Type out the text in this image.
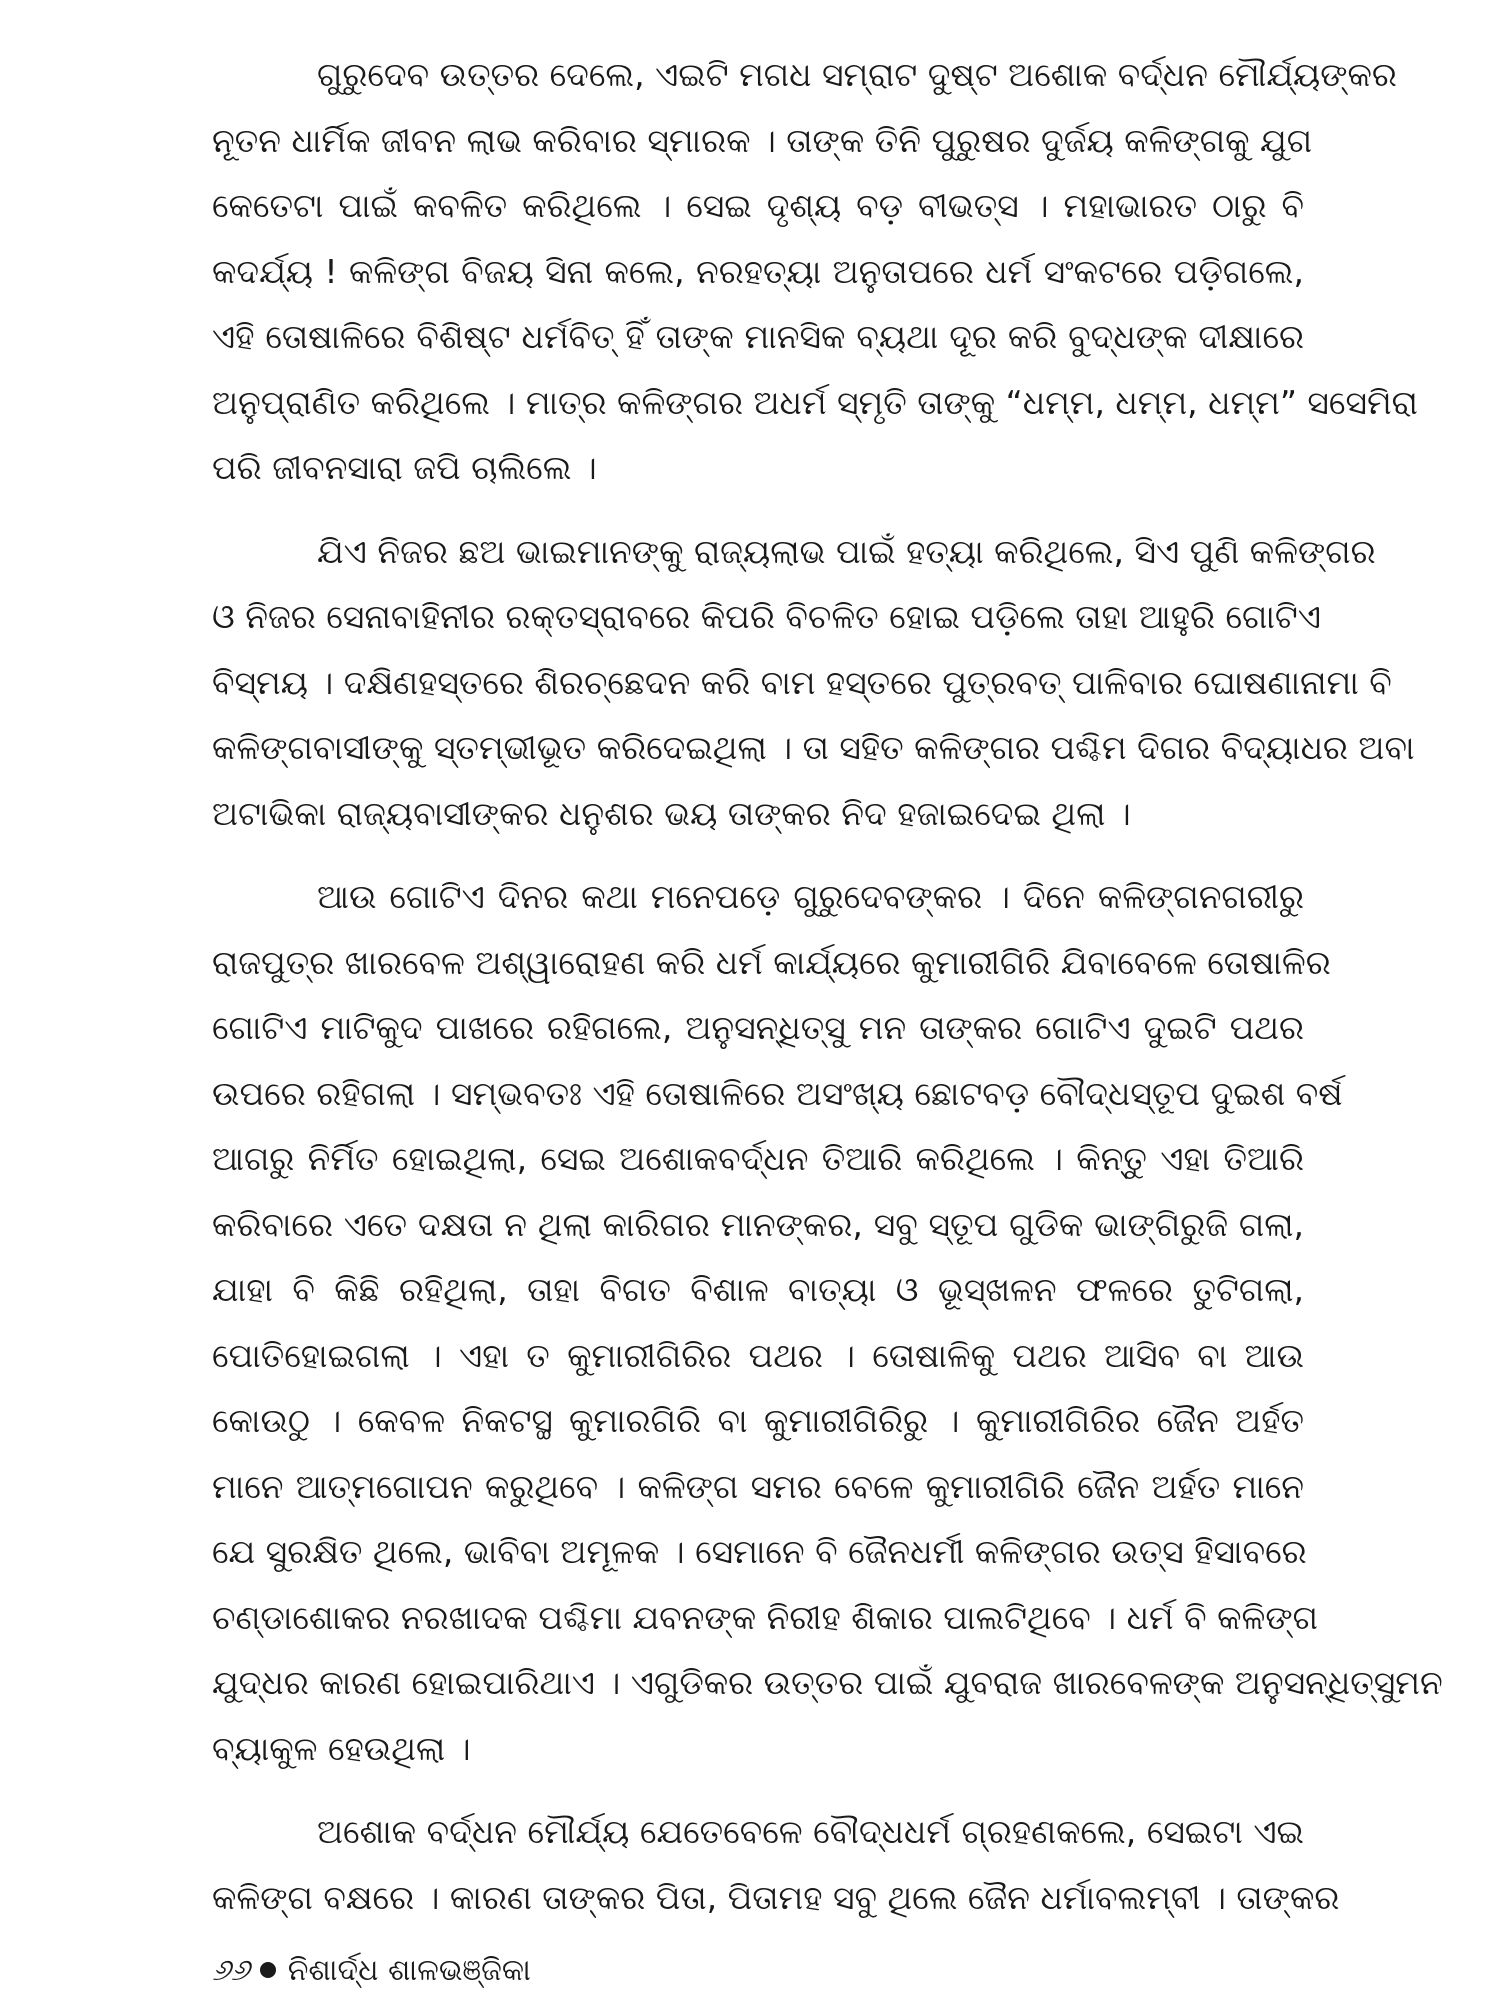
ଗୁରୁଦେବ ଉତ୍ତର ଦେଲେ, ଏଇଟି ମଗଧ ସମ୍ରାଟ ଦୁଷ୍ଟ ଅଶୋକ ବର୍ଦ୍ଧନ ମୌର୍ଯ୍ୟଙ୍କର
ନୂତନ ଧାର୍ମିକ ଜୀବନ ଲାଭ କରିବାର ସ୍ମାରକ । ତାଙ୍କ ତିନି ପୁରୁଷର ଦୁର୍ଜୟ କଳିଙ୍ଗକୁ ଯୁଗ
କେତେଟା ପାଇଁ କବଳିତ କରିଥିଲେ । ସେଇ ଦୃଶ୍ୟ ବଡ଼ ବୀଭତ୍ସ । ମହାଭାରତ ଠାରୁ ବି
କଦର୍ଯ୍ୟ ! କଳିଙ୍ଗ ବିଜୟ ସିନା କଲେ, ନରହତ୍ୟା ଅନୁତାପରେ ଧର୍ମ ସଂକଟରେ ପଡ଼ିଗଲେ,
ଏହି ତୋଷାଳିରେ ବିଶିଷ୍ଟ ଧର୍ମବିତ୍ ହିଁ ତାଙ୍କ ମାନସିକ ବ୍ୟଥା ଦୂର କରି ବୁଦ୍ଧଙ୍କ ଦୀକ୍ଷାରେ
ଅନୁପ୍ରାଣିତ କରିଥିଲେ । ମାତ୍ର କଳିଙ୍ଗର ଅଧର୍ମ ସ୍ମୃତି ତାଙ୍କୁ “ଧମ୍ମ, ଧମ୍ମ, ଧମ୍ମ” ସସେମିରା
ପରି ଜୀବନସାରା ଜପି ଚାଲିଲେ ।
ଯିଏ ନିଜର ଛଅ ଭାଇମାନଙ୍କୁ ରାଜ୍ୟଲାଭ ପାଇଁ ହତ୍ୟା କରିଥିଲେ, ସିଏ ପୁଣି କଳିଙ୍ଗର
ଓ ନିଜର ସେନାବାହିନୀର ରକ୍ତସ୍ରାବରେ କିପରି ବିଚଳିତ ହୋଇ ପଡ଼ିଲେ ତାହା ଆହୁରି ଗୋଟିଏ
ବିସ୍ମୟ । ଦକ୍ଷିଣହସ୍ତରେ ଶିରଚ୍ଛେଦନ କରି ବାମ ହସ୍ତରେ ପୁତ୍ରବତ୍ ପାଳିବାର ଘୋଷଣାନାମା ବି
କଳିଙ୍ଗବାସୀଙ୍କୁ ସ୍ତମ୍ଭୀଭୂତ କରିଦେଇଥିଲା । ତା ସହିତ କଳିଙ୍ଗର ପଶ୍ଚିମ ଦିଗର ବିଦ୍ୟାଧର ଅବା
ଅଟାଭିକା ରାଜ୍ୟବାସୀଙ୍କର ଧନୁଶର ଭୟ ତାଙ୍କର ନିଦ ହଜାଇଦେଇ ଥିଲା ।
ଆଉ ଗୋଟିଏ ଦିନର କଥା ମନେପଡ଼େ ଗୁରୁଦେବଙ୍କର । ଦିନେ କଳିଙ୍ଗନଗରୀରୁ
ରାଜପୁତ୍ର ଖାରବେଳ ଅଶ୍ୱାରୋହଣ କରି ଧର୍ମ କାର୍ଯ୍ୟରେ କୁମାରୀଗିରି ଯିବାବେଳେ ତୋଷାଳିର
ଗୋଟିଏ ମାଟିକୁଦ ପାଖରେ ରହିଗଲେ, ଅନୁସନ୍ଧିତ୍ସୁ ମନ ତାଙ୍କର ଗୋଟିଏ ଦୁଇଟି ପଥର
ଉପରେ ରହିଗଲା । ସମ୍ଭବତଃ ଏହି ତୋଷାଳିରେ ଅସଂଖ୍ୟ ଛୋଟବଡ଼ ବୌଦ୍ଧସ୍ତୂପ ଦୁଇଶ ବର୍ଷ
ଆଗରୁ ନିର୍ମିତ ହୋଇଥିଲା, ସେଇ ଅଶୋକବର୍ଦ୍ଧନ ତିଆରି କରିଥିଲେ । କିନ୍ତୁ ଏହା ତିଆରି
କରିବାରେ ଏତେ ଦକ୍ଷତା ନ ଥିଲା କାରିଗର ମାନଙ୍କର, ସବୁ ସ୍ତୂପ ଗୁଡିକ ଭାଙ୍ଗିରୁଜି ଗଲା,
ଯାହା ବି କିଛି ରହିଥିଲା, ତାହା ବିଗତ ବିଶାଳ ବାତ୍ୟା ଓ ଭୂସ୍ଖଳନ ଫଳରେ ତୁଟିଗଲା,
ପୋତିହୋଇଗଲା । ଏହା ତ କୁମାରୀଗିରିର ପଥର । ତୋଷାଳିକୁ ପଥର ଆସିବ ବା ଆଉ
କୋଉଠୁ । କେବଳ ନିକଟସ୍ଥ କୁମାରଗିରି ବା କୁମାରୀଗିରିରୁ । କୁମାରୀଗିରିର ଜୈନ ଅର୍ହତ
ମାନେ ଆତ୍ମଗୋପନ କରୁଥିବେ । କଳିଙ୍ଗ ସମର ବେଳେ କୁମାରୀଗିରି ଜୈନ ଅର୍ହତ ମାନେ
ଯେ ସୁରକ୍ଷିତ ଥିଲେ, ଭାବିବା ଅମୂଳକ । ସେମାନେ ବି ଜୈନଧର୍ମୀ କଳିଙ୍ଗର ଉତ୍ସ ହିସାବରେ
ଚଣ୍ଡାଶୋକର ନରଖାଦକ ପଶ୍ଚିମା ଯବନଙ୍କ ନିରୀହ ଶିକାର ପାଲଟିଥିବେ । ଧର୍ମ ବି କଳିଙ୍ଗ
ଯୁଦ୍ଧର କାରଣ ହୋଇପାରିଥାଏ । ଏଗୁଡିକର ଉତ୍ତର ପାଇଁ ଯୁବରାଜ ଖାରବେଳଙ୍କ ଅନୁସନ୍ଧିତ୍ସୁମନ
ବ୍ୟାକୁଳ ହେଉଥିଲା ।
ଅଶୋକ ବର୍ଦ୍ଧନ ମୌର୍ଯ୍ୟ ଯେତେବେଳେ ବୌଦ୍ଧଧର୍ମ ଗ୍ରହଣକଲେ, ସେଇଟା ଏଇ
କଳିଙ୍ଗ ବକ୍ଷରେ । କାରଣ ତାଙ୍କର ପିତା, ପିତାମହ ସବୁ ଥିଲେ ଜୈନ ଧର୍ମାବଲମ୍ବୀ । ତାଙ୍କର
୬୬ ନିଶାର୍ଦ୍ଧ ଶାଳଭଞ୍ଜିକା
